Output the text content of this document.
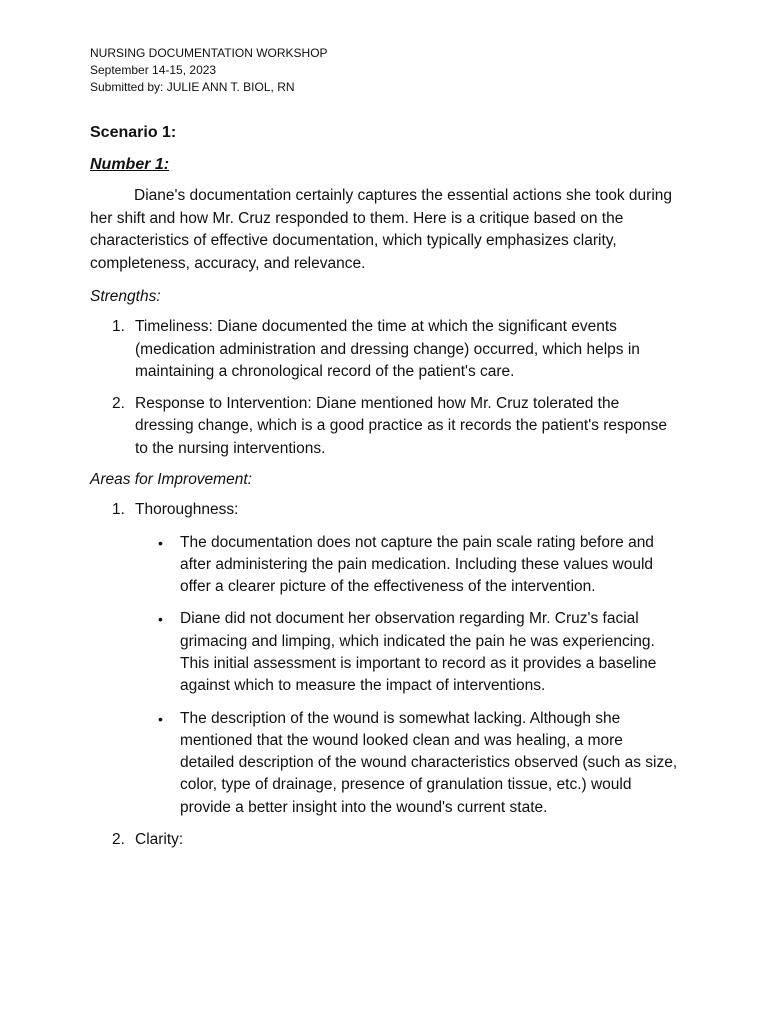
NURSING DOCUMENTATION WORKSHOP
September 14-15, 2023
Submitted by: JULIE ANN T. BIOL, RN
Scenario 1:
Number 1:

Diane's documentation certainly captures the essential actions she took during her shift and how Mr. Cruz responded to them. Here is a critique based on the characteristics of effective documentation, which typically emphasizes clarity, completeness, accuracy, and relevance.

Strengths:
1. Timeliness: Diane documented the time at which the significant events (medication administration and dressing change) occurred, which helps in maintaining a chronological record of the patient's care.
2. Response to Intervention: Diane mentioned how Mr. Cruz tolerated the dressing change, which is a good practice as it records the patient's response to the nursing interventions.
Areas for Improvement:
1. Thoroughness:
• The documentation does not capture the pain scale rating before and after administering the pain medication. Including these values would offer a clearer picture of the effectiveness of the intervention.
• Diane did not document her observation regarding Mr. Cruz's facial grimacing and limping, which indicated the pain he was experiencing. This initial assessment is important to record as it provides a baseline against which to measure the impact of interventions.
• The description of the wound is somewhat lacking. Although she mentioned that the wound looked clean and was healing, a more detailed description of the wound characteristics observed (such as size, color, type of drainage, presence of granulation tissue, etc.) would provide a better insight into the wound's current state.
2. Clarity:
